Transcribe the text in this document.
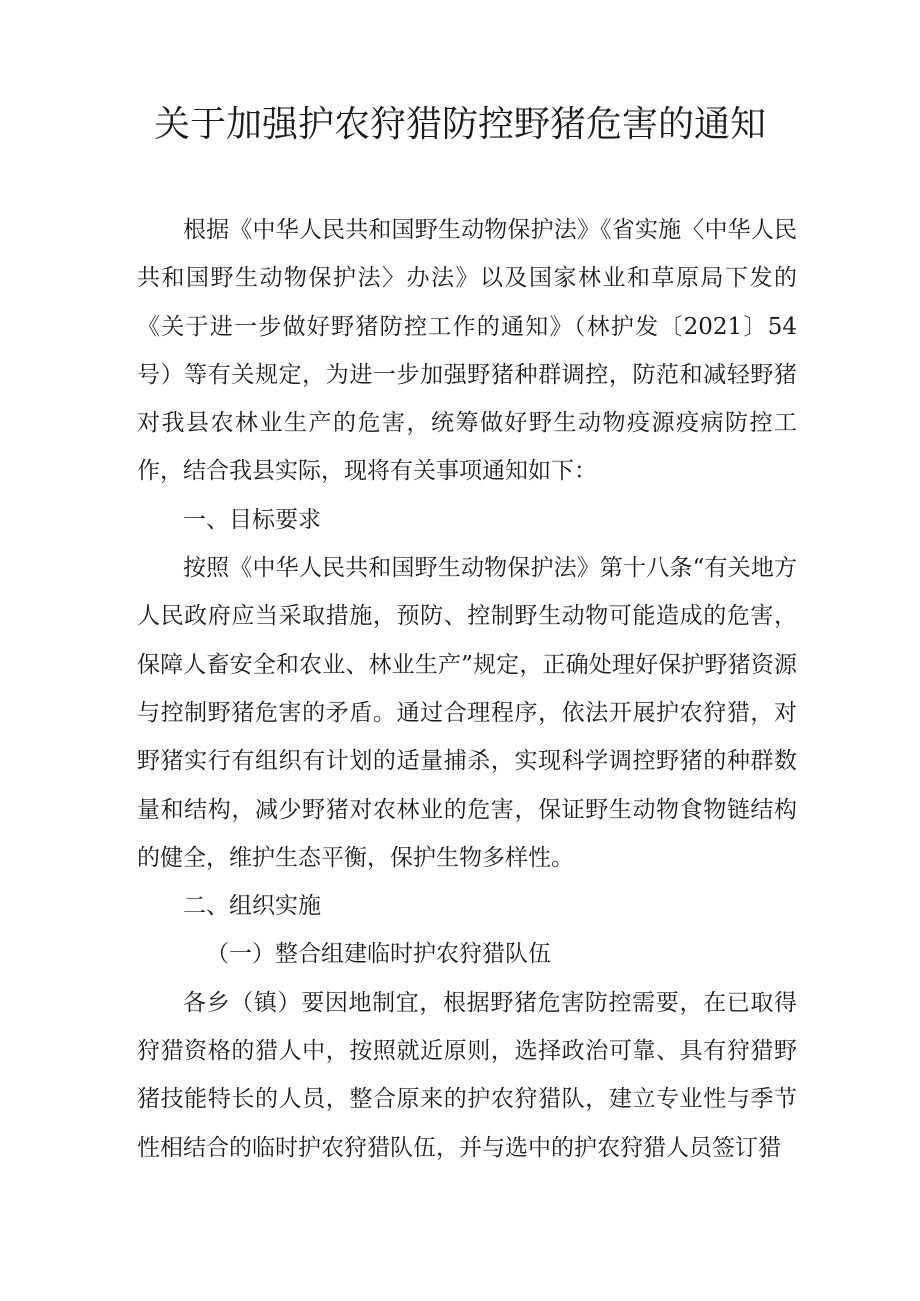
关于加强护农狩猎防控野猪危害的通知

根据《中华人民共和国野生动物保护法》《省实施〈中华人民共和国野生动物保护法〉办法》以及国家林业和草原局下发的《关于进一步做好野猪防控工作的通知》（林护发〔2021〕54号）等有关规定，为进一步加强野猪种群调控，防范和减轻野猪对我县农林业生产的危害，统筹做好野生动物疫源疫病防控工作，结合我县实际，现将有关事项通知如下：

一、目标要求

按照《中华人民共和国野生动物保护法》第十八条“有关地方人民政府应当采取措施，预防、控制野生动物可能造成的危害，保障人畜安全和农业、林业生产”规定，正确处理好保护野猪资源与控制野猪危害的矛盾。通过合理程序，依法开展护农狩猎，对野猪实行有组织有计划的适量捕杀，实现科学调控野猪的种群数量和结构，减少野猪对农林业的危害，保证野生动物食物链结构的健全，维护生态平衡，保护生物多样性。

二、组织实施

（一）整合组建临时护农狩猎队伍

各乡（镇）要因地制宜，根据野猪危害防控需要，在已取得狩猎资格的猎人中，按照就近原则，选择政治可靠、具有狩猎野猪技能特长的人员，整合原来的护农狩猎队，建立专业性与季节性相结合的临时护农狩猎队伍，并与选中的护农狩猎人员签订猎
